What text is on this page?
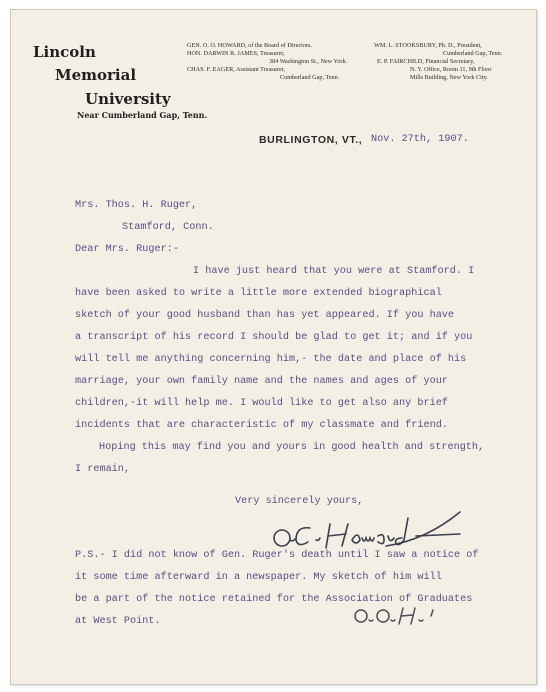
Lincoln
Memorial
University
Near Cumberland Gap, Tenn.
GEN. O. O. HOWARD, of the Board of Directors.
HON. DARWIN R. JAMES, Treasurer,
384 Washington St., New York.
CHAS. F. EAGER, Assistant Treasurer,
Cumberland Gap, Tenn.
WM. L. STOOKSBURY, Ph. D., President,
Cumberland Gap, Tenn.
E. P. FAIRCHILD, Financial Secretary,
N. Y. Office, Room 11, 9th Floor
Mills Building, New York City.
BURLINGTON, VT., Nov. 27th, 1907.
Mrs. Thos. H. Ruger,
Stamford, Conn.
Dear Mrs. Ruger:-
I have just heard that you were at Stamford. I
have been asked to write a little more extended biographical
sketch of your good husband than has yet appeared. If you have
a transcript of his record I should be glad to get it; and if you
will tell me anything concerning him,- the date and place of his
marriage, your own family name and the names and ages of your
children,-it will help me. I would like to get also any brief
incidents that are characteristic of my classmate and friend.
Hoping this may find you and yours in good health and strength,
I remain,
Very sincerely yours,
P.S.- I did not know of Gen. Ruger's death until I saw a notice of
it some time afterward in a newspaper. My sketch of him will
be a part of the notice retained for the Association of Graduates
at West Point.
